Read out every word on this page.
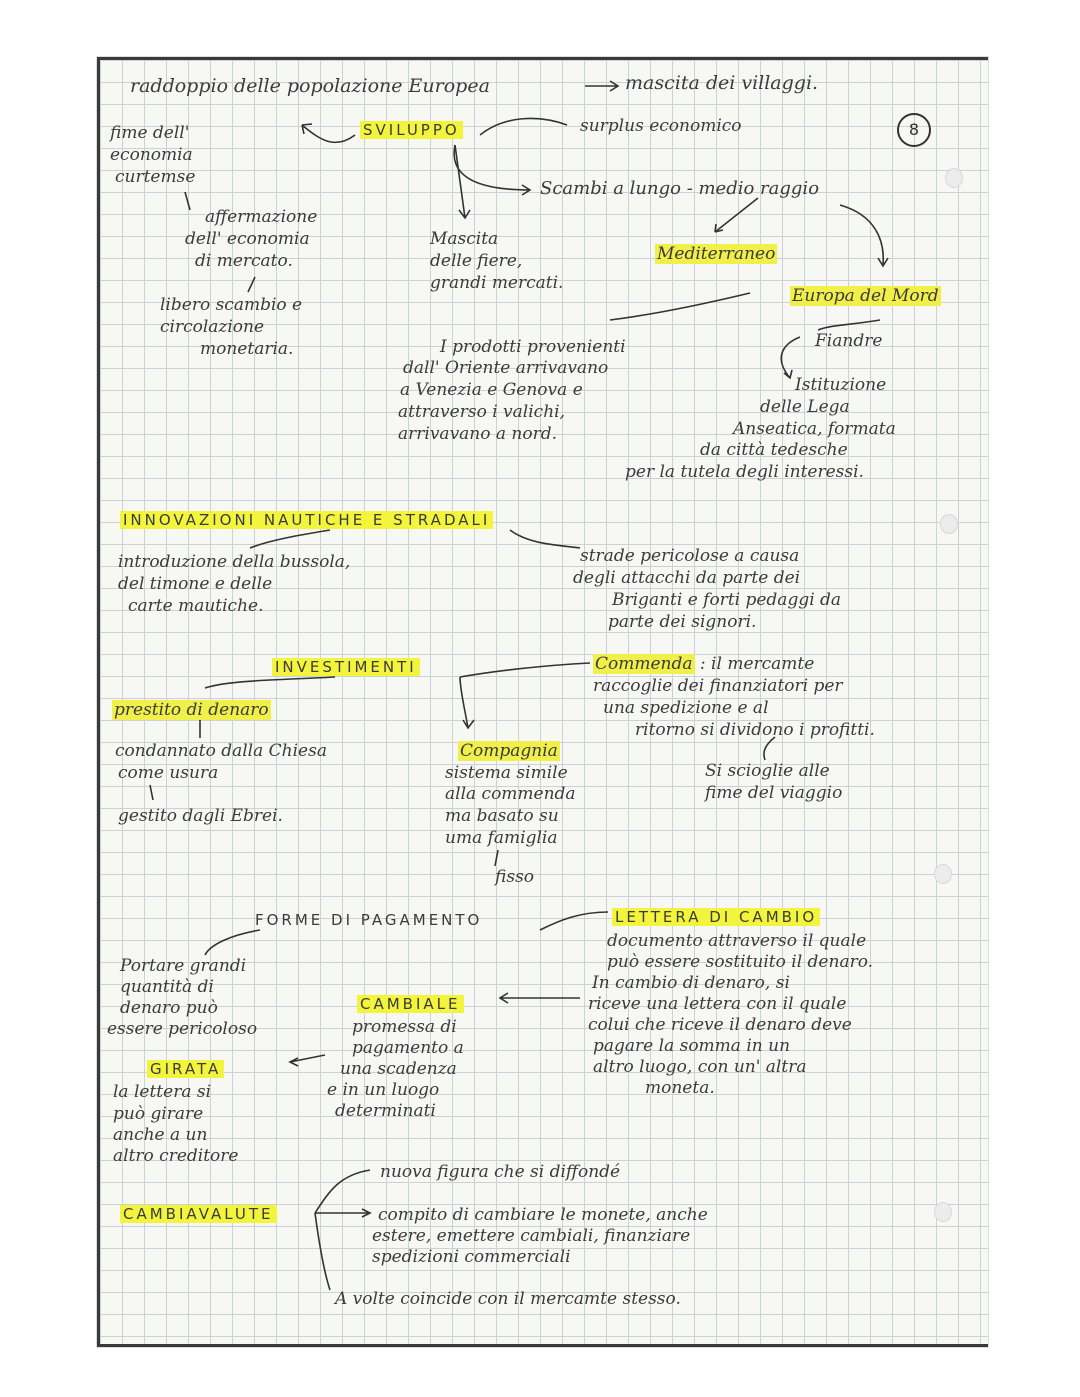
8
raddoppio delle popolazione Europea	mascita dei villaggi.
SVILUPPO	surplus economico
fime dell'
economia
curtemse
affermazione
dell' economia
di mercato.
libero scambio e
circolazione
monetaria.
Scambi a lungo - medio raggio
Mascita
delle fiere,
grandi mercati.
Mediterraneo
Europa del Mord
Fiandre
I prodotti provenienti
dall' Oriente arrivavano
a Venezia e Genova e
attraverso i valichi,
arrivavano a nord.
Istituzione
delle Lega
Anseatica, formata
da città tedesche
per la tutela degli interessi.
INNOVAZIONI NAUTICHE E STRADALI
introduzione della bussola,
del timone e delle
carte mautiche.
strade pericolose a causa
degli attacchi da parte dei
Briganti e forti pedaggi da
parte dei signori.
INVESTIMENTI
prestito di denaro
condannato dalla Chiesa
come usura
gestito dagli Ebrei.
Commenda : il mercamte
raccoglie dei finanziatori per
una spedizione e al
ritorno si dividono i profitti.
Si scioglie alle
fime del viaggio
Compagnia
sistema simile
alla commenda
ma basato su
uma famiglia
fisso
FORME DI PAGAMENTO
Portare grandi
quantità di
denaro può
essere pericoloso
CAMBIALE
promessa di
pagamento a
una scadenza
e in un luogo
determinati
GIRATA
la lettera si
può girare
anche a un
altro creditore
LETTERA DI CAMBIO
documento attraverso il quale
può essere sostituito il denaro.
In cambio di denaro, si
riceve una lettera con il quale
colui che riceve il denaro deve
pagare la somma in un
altro luogo, con un' altra
moneta.
CAMBIAVALUTE
nuova figura che si diffondé
compito di cambiare le monete, anche
estere, emettere cambiali, finanziare
spedizioni commerciali
A volte coincide con il mercamte stesso.
